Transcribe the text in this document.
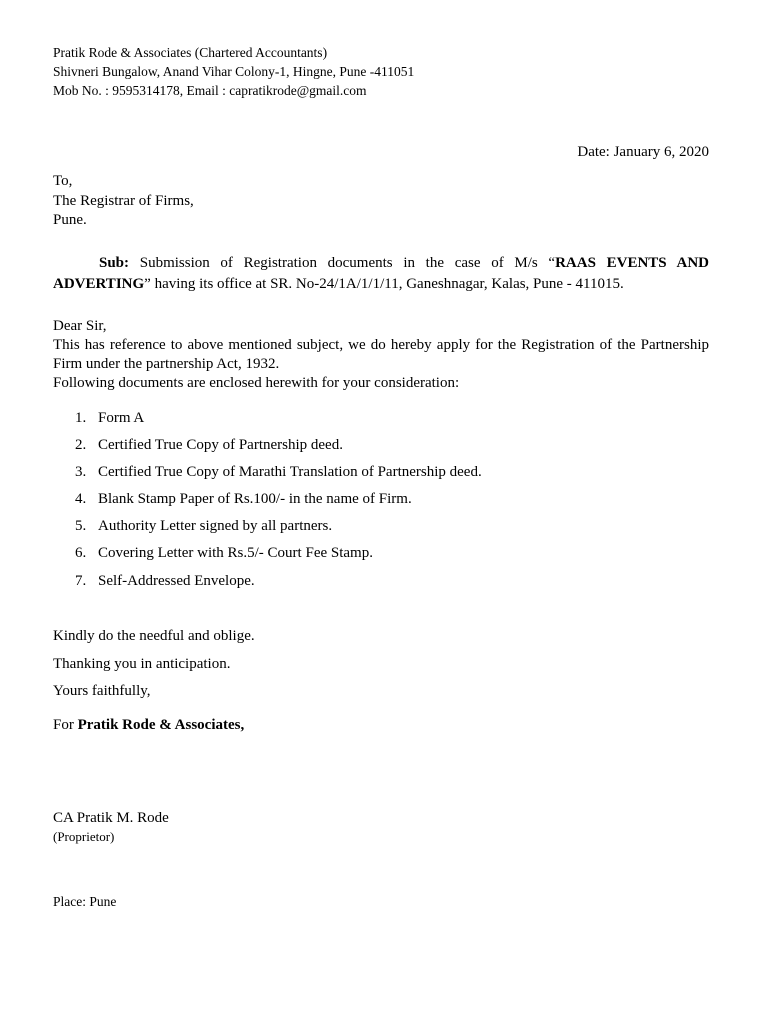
Pratik Rode & Associates (Chartered Accountants)
Shivneri Bungalow, Anand Vihar Colony-1, Hingne, Pune -411051
Mob No. : 9595314178, Email : capratikrode@gmail.com
Date: January 6, 2020
To,
The Registrar of Firms,
Pune.
Sub: Submission of Registration documents in the case of M/s “RAAS EVENTS AND ADVERTING” having its office at SR. No-24/1A/1/1/11, Ganeshnagar, Kalas, Pune - 411015.
Dear Sir,
This has reference to above mentioned subject, we do hereby apply for the Registration of the Partnership Firm under the partnership Act, 1932.
Following documents are enclosed herewith for your consideration:
1. Form A
2. Certified True Copy of Partnership deed.
3. Certified True Copy of Marathi Translation of Partnership deed.
4. Blank Stamp Paper of Rs.100/- in the name of Firm.
5. Authority Letter signed by all partners.
6. Covering Letter with Rs.5/- Court Fee Stamp.
7. Self-Addressed Envelope.
Kindly do the needful and oblige.
Thanking you in anticipation.
Yours faithfully,
For Pratik Rode & Associates,
CA Pratik M. Rode
(Proprietor)
Place: Pune
